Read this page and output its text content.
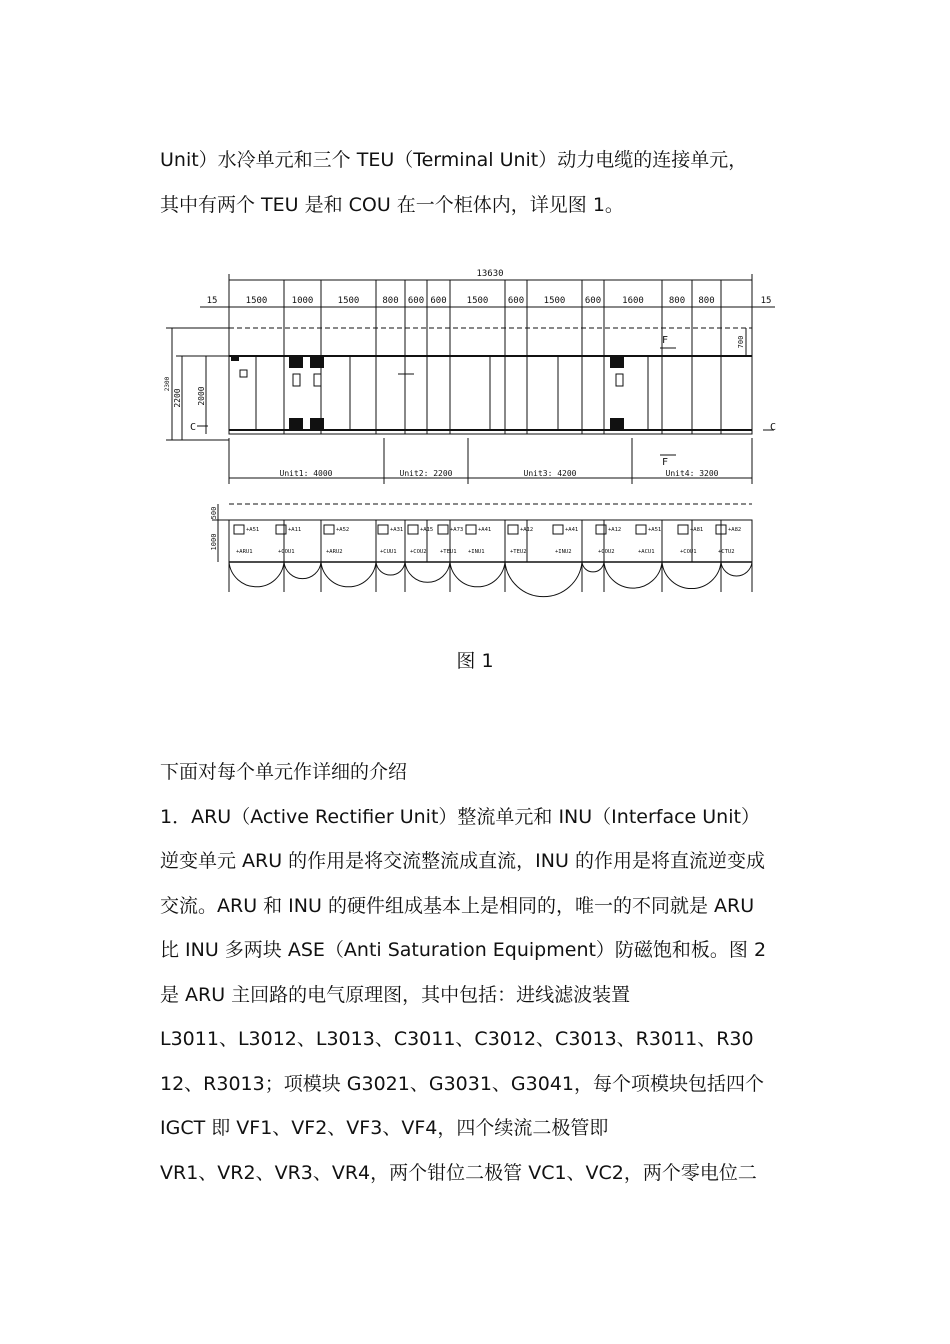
Unit）水冷单元和三个 TEU（Terminal Unit）动力电缆的连接单元，
其中有两个 TEU 是和 COU 在一个柜体内，详见图 1。
13630
15	1500	1000	1500	800 600 600 1500 600 1500 600 1600	800 800	15
2200 2000
2300
700
C	C
F
F
Unit1: 4000	Unit2: 2200	Unit3: 4200	Unit4: 3200
500
1000
+A51
+ARU1
+A11
+COU1
+A52
+ARU2
+A31
+CUU1
+A15
+COU2
+A73
+TEU1
+A41
+INU1
+A12
+TEU2
+A41
+INU2
+A12
+COU2
+A51
+ACU1
+A81
+COU1
+A82
+CTU2
图 1
下面对每个单元作详细的介绍
1．ARU（Active Rectifier Unit）整流单元和 INU（Interface Unit）
逆变单元 ARU 的作用是将交流整流成直流，INU 的作用是将直流逆变成
交流。ARU 和 INU 的硬件组成基本上是相同的，唯一的不同就是 ARU
比 INU 多两块 ASE（Anti Saturation Equipment）防磁饱和板。图 2
是 ARU 主回路的电气原理图，其中包括：进线滤波装置
L3011、L3012、L3013、C3011、C3012、C3013、R3011、R30
12、R3013；项模块 G3021、G3031、G3041，每个项模块包括四个
IGCT 即 VF1、VF2、VF3、VF4，四个续流二极管即
VR1、VR2、VR3、VR4，两个钳位二极管 VC1、VC2，两个零电位二
